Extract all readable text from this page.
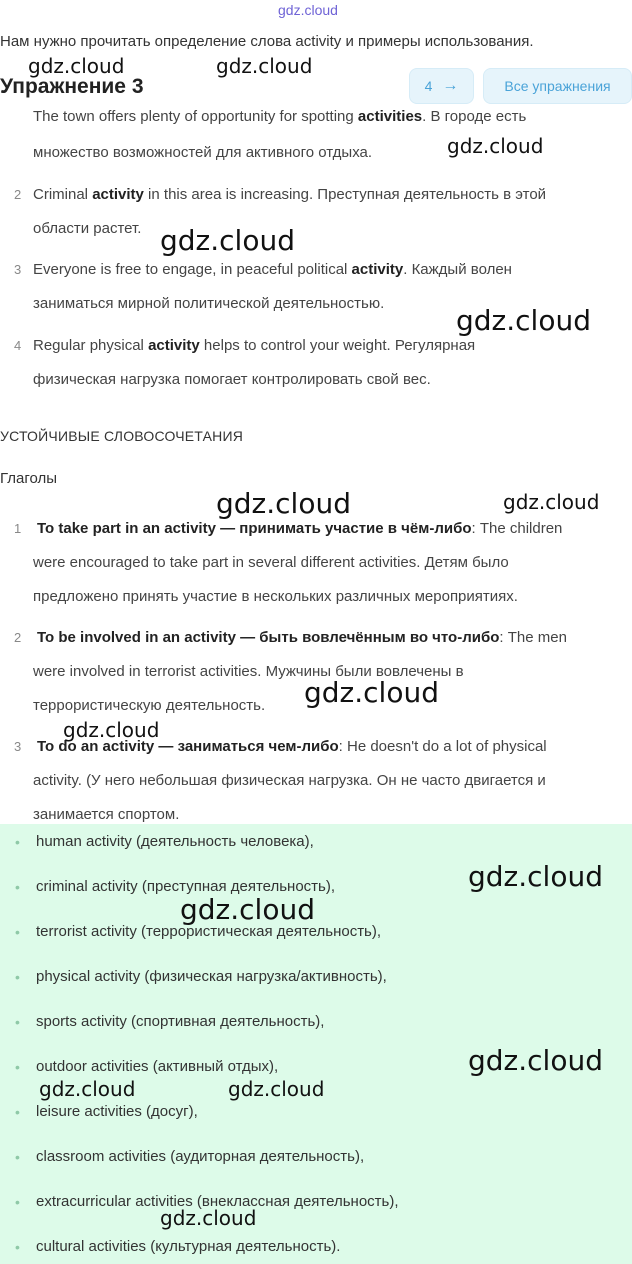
gdz.cloud
Нам нужно прочитать определение слова activity и примеры использования.
Упражнение 3	4 →	Все упражнения
The town offers plenty of opportunity for spotting activities. В городе есть
множество возможностей для активного отдыха.
2 Criminal activity in this area is increasing. Преступная деятельность в этой
области растет.
3 Everyone is free to engage, in peaceful political activity. Каждый волен
заниматься мирной политической деятельностью.
4 Regular physical activity helps to control your weight. Регулярная
физическая нагрузка помогает контролировать свой вес.
УСТОЙЧИВЫЕ СЛОВОСОЧЕТАНИЯ
Глаголы
1 To take part in an activity — принимать участие в чём-либо: The children
were encouraged to take part in several different activities. Детям было
предложено принять участие в нескольких различных мероприятиях.
2 To be involved in an activity — быть вовлечённым во что-либо: The men
were involved in terrorist activities. Мужчины были вовлечены в
террористическую деятельность.
3 To do an activity — заниматься чем-либо: He doesn't do a lot of physical
activity. (У него небольшая физическая нагрузка. Он не часто двигается и
занимается спортом.
• human activity (деятельность человека),
• criminal activity (преступная деятельность),
• terrorist activity (террористическая деятельность),
• physical activity (физическая нагрузка/активность),
• sports activity (спортивная деятельность),
• outdoor activities (активный отдых),
• leisure activities (досуг),
• classroom activities (аудиторная деятельность),
• extracurricular activities (внеклассная деятельность),
• cultural activities (культурная деятельность).
gdz.cloud	gdz.cloud
gdz.cloud
gdz.cloud
gdz.cloud
gdz.cloud	gdz.cloud
gdz.cloud
gdz.cloud
gdz.cloud
gdz.cloud
gdz.cloud
gdz.cloud	gdz.cloud
gdz.cloud
